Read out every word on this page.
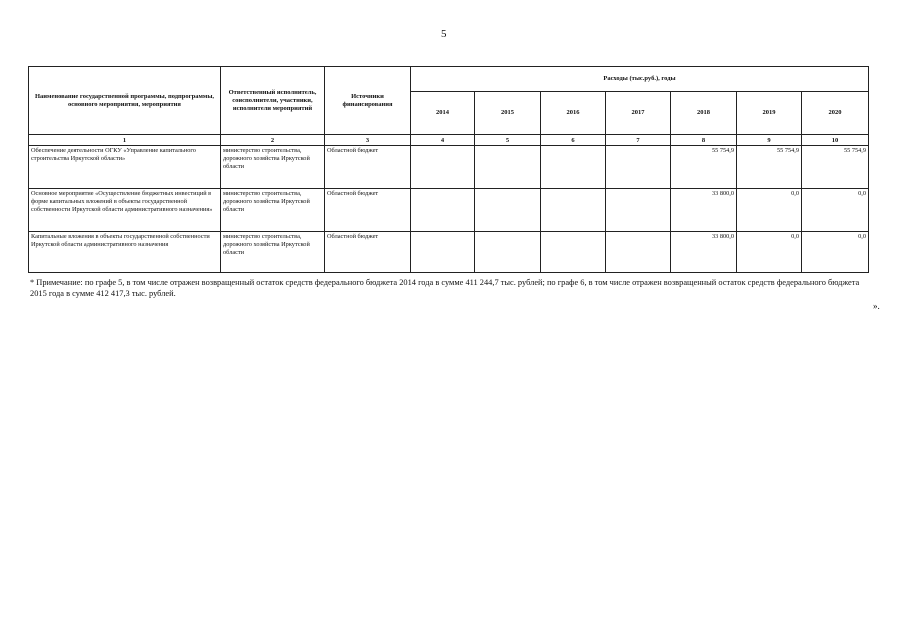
5
Наименование государственной программы, подпрограммы, основного мероприятия, мероприятия	Ответственный исполнитель, соисполнители, участники, исполнители мероприятий	Источники финансирования	Расходы (тыс.руб.), годы						
			2014	2015	2016	2017	2018	2019	2020
1	2	3	4	5	6	7	8	9	10
Обеспечение деятельности ОГКУ «Управление капитального строительства Иркутской области»	министерство строительства, дорожного хозяйства Иркутской области	Областной бюджет					55 754,9	55 754,9	55 754,9
Основное мероприятие «Осуществление бюджетных инвестиций в форме капитальных вложений в объекты государственной собственности Иркутской области административного назначения»	министерство строительства, дорожного хозяйства Иркутской области	Областной бюджет					33 800,0	0,0	0,0
Капитальные вложения в объекты государственной собственности Иркутской области административного назначения	министерство строительства, дорожного хозяйства Иркутской области	Областной бюджет					33 800,0	0,0	0,0
* Примечание: по графе 5, в том числе отражен возвращенный остаток средств федерального бюджета 2014 года в сумме 411 244,7 тыс. рублей; по графе 6, в том числе отражен возвращенный остаток средств федерального бюджета 2015 года в сумме 412 417,3 тыс. рублей.
».
